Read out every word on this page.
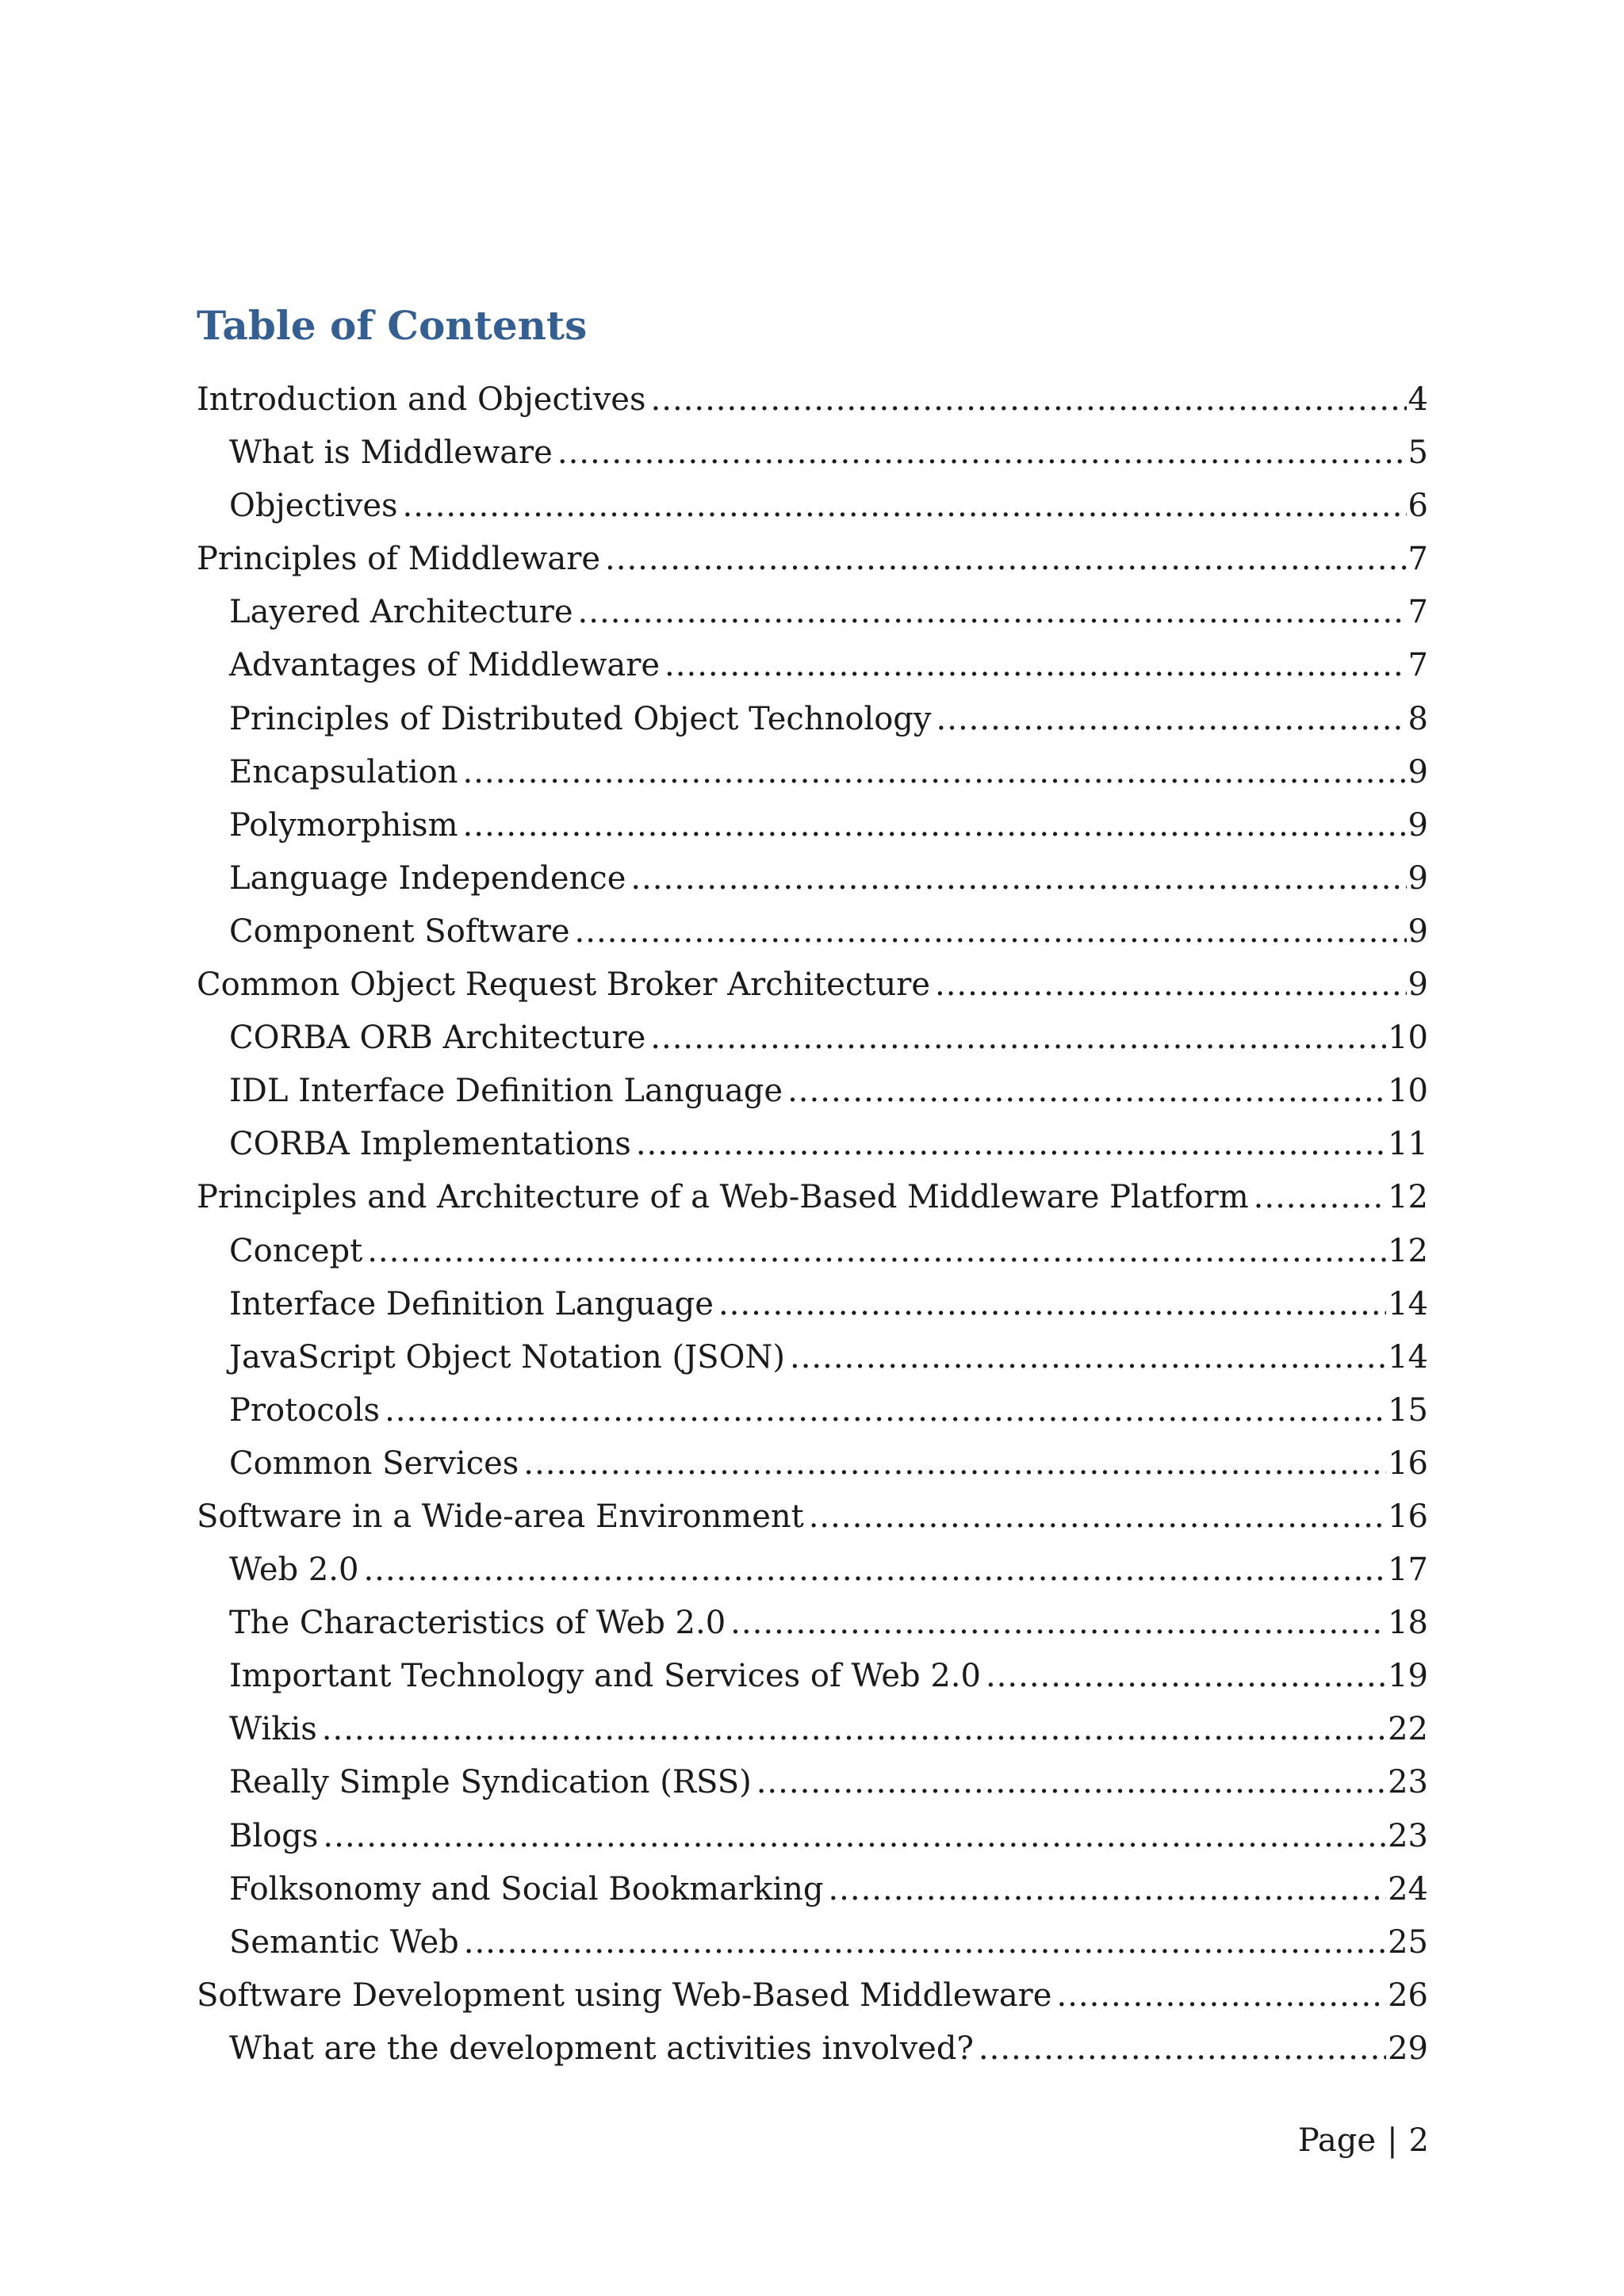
Table of Contents
Introduction and Objectives .....	4
What is Middleware .....	5
Objectives .....	6
Principles of Middleware .....	7
Layered Architecture .....	7
Advantages of Middleware .....	7
Principles of Distributed Object Technology .....	8
Encapsulation .....	9
Polymorphism .....	9
Language Independence .....	9
Component Software .....	9
Common Object Request Broker Architecture .....	9
CORBA ORB Architecture .....	10
IDL Interface Definition Language .....	10
CORBA Implementations .....	11
Principles and Architecture of a Web-Based Middleware Platform .....	12
Concept .....	12
Interface Definition Language .....	14
JavaScript Object Notation (JSON) .....	14
Protocols .....	15
Common Services .....	16
Software in a Wide-area Environment .....	16
Web 2.0 .....	17
The Characteristics of Web 2.0 .....	18
Important Technology and Services of Web 2.0 .....	19
Wikis .....	22
Really Simple Syndication (RSS) .....	23
Blogs .....	23
Folksonomy and Social Bookmarking .....	24
Semantic Web .....	25
Software Development using Web-Based Middleware .....	26
What are the development activities involved? .....	29
Page | 2
